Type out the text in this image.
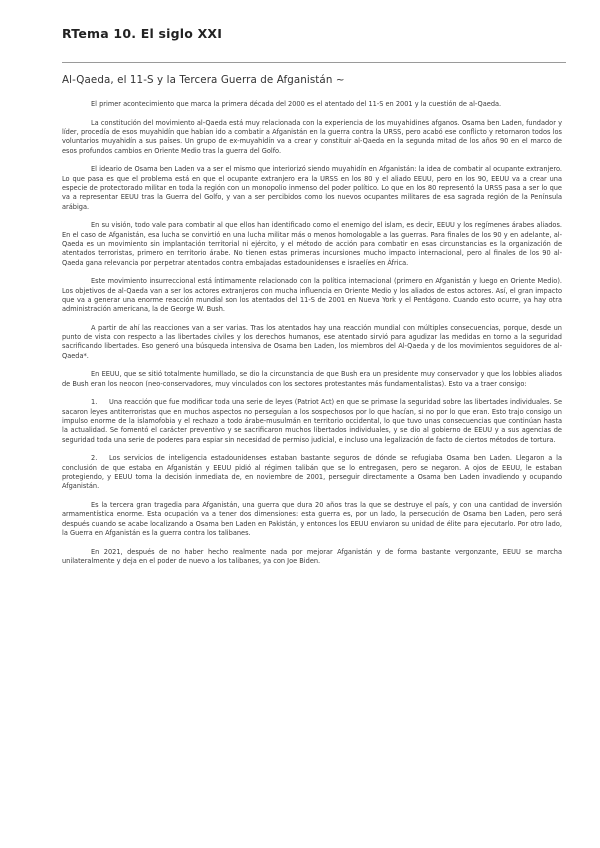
RTema 10. El siglo XXI
Al-Qaeda, el 11-S y la Tercera Guerra de Afganistán ~

El primer acontecimiento que marca la primera década del 2000 es el atentado del 11-S en 2001 y la cuestión de al-Qaeda.

La constitución del movimiento al-Qaeda está muy relacionada con la experiencia de los muyahidines afganos. Osama ben Laden, fundador y líder, procedía de esos muyahidín que habían ido a combatir a Afganistán en la guerra contra la URSS, pero acabó ese conflicto y retornaron todos los voluntarios muyahidín a sus países. Un grupo de ex-muyahidín va a crear y constituir al-Qaeda en la segunda mitad de los años 90 en el marco de esos profundos cambios en Oriente Medio tras la guerra del Golfo.

El ideario de Osama ben Laden va a ser el mismo que interiorizó siendo muyahidín en Afganistán: la idea de combatir al ocupante extranjero. Lo que pasa es que el problema está en que el ocupante extranjero era la URSS en los 80 y el aliado EEUU, pero en los 90, EEUU va a crear una especie de protectorado militar en toda la región con un monopolio inmenso del poder político. Lo que en los 80 representó la URSS pasa a ser lo que va a representar EEUU tras la Guerra del Golfo, y van a ser percibidos como los nuevos ocupantes militares de esa sagrada región de la Península arábiga.

En su visión, todo vale para combatir al que ellos han identificado como el enemigo del islam, es decir, EEUU y los regímenes árabes aliados. En el caso de Afganistán, esa lucha se convirtió en una lucha militar más o menos homologable a las guerras. Para finales de los 90 y en adelante, al-Qaeda es un movimiento sin implantación territorial ni ejército, y el método de acción para combatir en esas circunstancias es la organización de atentados terroristas, primero en territorio árabe. No tienen estas primeras incursiones mucho impacto internacional, pero al finales de los 90 al-Qaeda gana relevancia por perpetrar atentados contra embajadas estadounidenses e israelíes en África.

Este movimiento insurreccional está íntimamente relacionado con la política internacional (primero en Afganistán y luego en Oriente Medio). Los objetivos de al-Qaeda van a ser los actores extranjeros con mucha influencia en Oriente Medio y los aliados de estos actores. Así, el gran impacto que va a generar una enorme reacción mundial son los atentados del 11-S de 2001 en Nueva York y el Pentágono. Cuando esto ocurre, ya hay otra administración americana, la de George W. Bush.

A partir de ahí las reacciones van a ser varias. Tras los atentados hay una reacción mundial con múltiples consecuencias, porque, desde un punto de vista con respecto a las libertades civiles y los derechos humanos, ese atentado sirvió para agudizar las medidas en torno a la seguridad sacrificando libertades. Eso generó una búsqueda intensiva de Osama ben Laden, los miembros del Al-Qaeda y de los movimientos seguidores de al-Qaeda*.

En EEUU, que se sitió totalmente humillado, se dio la circunstancia de que Bush era un presidente muy conservador y que los lobbies aliados de Bush eran los neocon (neo-conservadores, muy vinculados con los sectores protestantes más fundamentalistas). Esto va a traer consigo:

1. Una reacción que fue modificar toda una serie de leyes (Patriot Act) en que se primase la seguridad sobre las libertades individuales. Se sacaron leyes antiterroristas que en muchos aspectos no perseguían a los sospechosos por lo que hacían, si no por lo que eran. Esto trajo consigo un impulso enorme de la islamofobia y el rechazo a todo árabe-musulmán en territorio occidental, lo que tuvo unas consecuencias que continúan hasta la actualidad. Se fomentó el carácter preventivo y se sacrificaron muchos libertados individuales, y se dio al gobierno de EEUU y a sus agencias de seguridad toda una serie de poderes para espiar sin necesidad de permiso judicial, e incluso una legalización de facto de ciertos métodos de tortura.

2. Los servicios de inteligencia estadounidenses estaban bastante seguros de dónde se refugiaba Osama ben Laden. Llegaron a la conclusión de que estaba en Afganistán y EEUU pidió al régimen talibán que se lo entregasen, pero se negaron. A ojos de EEUU, le estaban protegiendo, y EEUU toma la decisión inmediata de, en noviembre de 2001, perseguir directamente a Osama ben Laden invadiendo y ocupando Afganistán.

Es la tercera gran tragedia para Afganistán, una guerra que dura 20 años tras la que se destruye el país, y con una cantidad de inversión armamentística enorme. Esta ocupación va a tener dos dimensiones: esta guerra es, por un lado, la persecución de Osama ben Laden, pero será después cuando se acabe localizando a Osama ben Laden en Pakistán, y entonces los EEUU enviaron su unidad de élite para ejecutarlo. Por otro lado, la Guerra en Afganistán es la guerra contra los talibanes.

En 2021, después de no haber hecho realmente nada por mejorar Afganistán y de forma bastante vergonzante, EEUU se marcha unilateralmente y deja en el poder de nuevo a los talibanes, ya con Joe Biden.
